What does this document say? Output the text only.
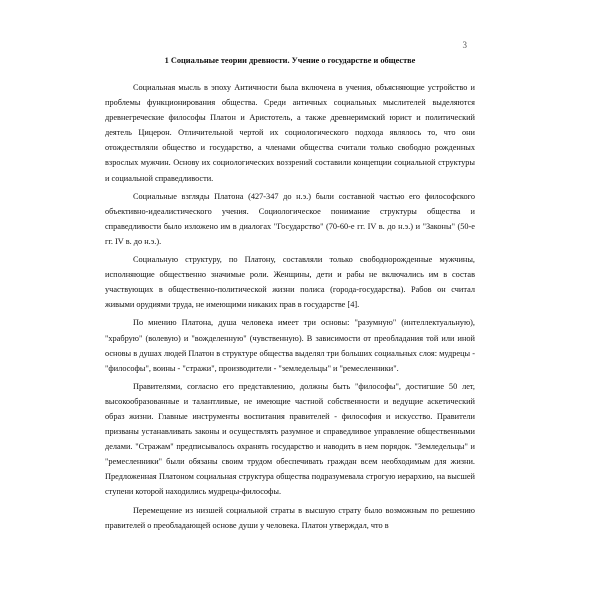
3
1 Социальные теории древности. Учение о государстве и обществе

Социальная мысль в эпоху Античности была включена в учения, объясняющие устройство и проблемы функционирования общества. Среди античных социальных мыслителей выделяются древнегреческие философы Платон и Аристотель, а также древнеримский юрист и политический деятель Цицерон. Отличительной чертой их социологического подхода являлось то, что они отождествляли общество и государство, а членами общества считали только свободно рожденных взрослых мужчин. Основу их социологических воззрений составили концепции социальной структуры и социальной справедливости.

Социальные взгляды Платона (427-347 до н.э.) были составной частью его философского объективно-идеалистического учения. Социологическое понимание структуры общества и справедливости было изложено им в диалогах "Государство" (70-60-е гг. IV в. до н.э.) и "Законы" (50-е гг. IV в. до н.э.).

Социальную структуру, по Платону, составляли только свободнорожденные мужчины, исполняющие общественно значимые роли. Женщины, дети и рабы не включались им в состав участвующих в общественно-политической жизни полиса (города-государства). Рабов он считал живыми орудиями труда, не имеющими никаких прав в государстве [4].

По мнению Платона, душа человека имеет три основы: "разумную" (интеллектуальную), "храбрую" (волевую) и "вожделенную" (чувственную). В зависимости от преобладания той или иной основы в душах людей Платон в структуре общества выделял три больших социальных слоя: мудрецы - "философы", воины - "стражи", производители - "земледельцы" и "ремесленники".

Правителями, согласно его представлению, должны быть "философы", достигшие 50 лет, высокообразованные и талантливые, не имеющие частной собственности и ведущие аскетический образ жизни. Главные инструменты воспитания правителей - философия и искусство. Правители призваны устанавливать законы и осуществлять разумное и справедливое управление общественными делами. "Стражам" предписывалось охранять государство и наводить в нем порядок. "Земледельцы" и "ремесленники" были обязаны своим трудом обеспечивать граждан всем необходимым для жизни. Предложенная Платоном социальная структура общества подразумевала строгую иерархию, на высшей ступени которой находились мудрецы-философы.

Перемещение из низшей социальной страты в высшую страту было возможным по решению правителей о преобладающей основе души у человека. Платон утверждал, что в
